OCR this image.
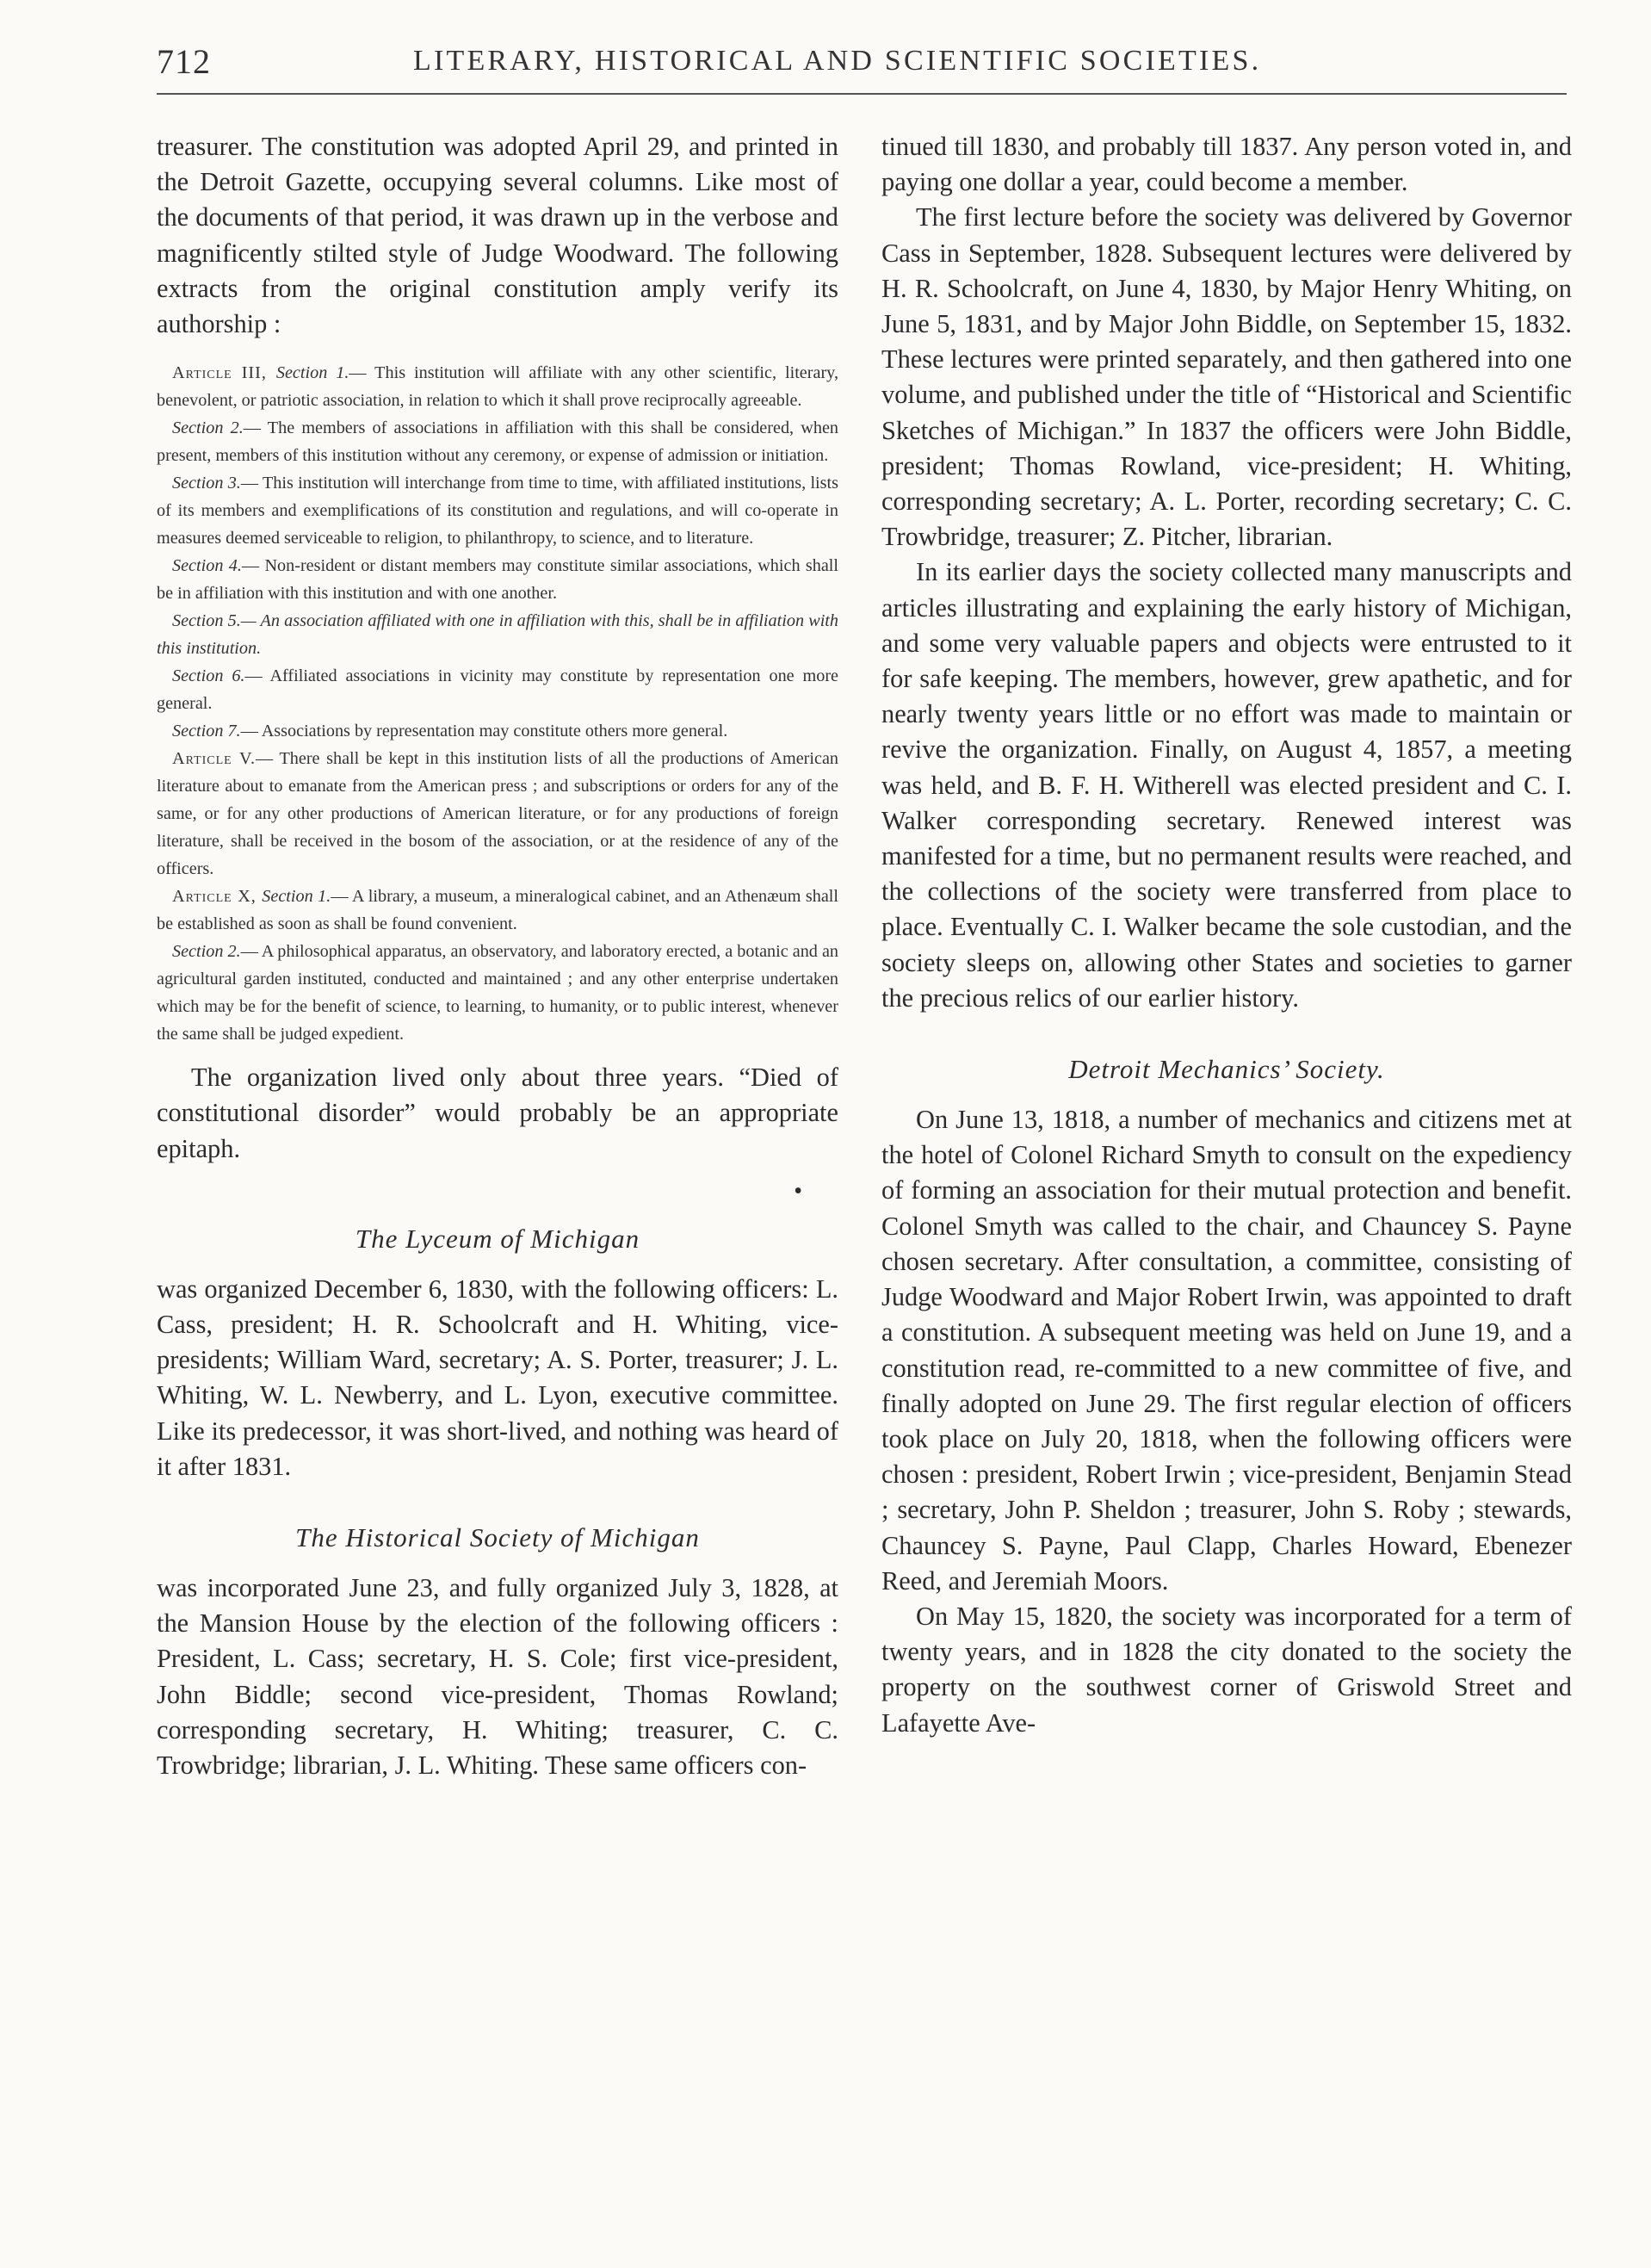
712	LITERARY, HISTORICAL AND SCIENTIFIC SOCIETIES.

treasurer. The constitution was adopted April 29, and printed in the Detroit Gazette, occupying several columns. Like most of the documents of that period, it was drawn up in the verbose and magnificently stilted style of Judge Woodward. The following extracts from the original constitution amply verify its authorship :

Article III, Section 1.— This institution will affiliate with any other scientific, literary, benevolent, or patriotic association, in relation to which it shall prove reciprocally agreeable.

Section 2.— The members of associations in affiliation with this shall be considered, when present, members of this institution without any ceremony, or expense of admission or initiation.

Section 3.— This institution will interchange from time to time, with affiliated institutions, lists of its members and exemplifications of its constitution and regulations, and will co-operate in measures deemed serviceable to religion, to philanthropy, to science, and to literature.

Section 4.— Non-resident or distant members may constitute similar associations, which shall be in affiliation with this institution and with one another.

Section 5.— An association affiliated with one in affiliation with this, shall be in affiliation with this institution.

Section 6.— Affiliated associations in vicinity may constitute by representation one more general.

Section 7.— Associations by representation may constitute others more general.

Article V.— There shall be kept in this institution lists of all the productions of American literature about to emanate from the American press ; and subscriptions or orders for any of the same, or for any other productions of American literature, or for any productions of foreign literature, shall be received in the bosom of the association, or at the residence of any of the officers.

Article X, Section 1.— A library, a museum, a mineralogical cabinet, and an Athenæum shall be established as soon as shall be found convenient.

Section 2.— A philosophical apparatus, an observatory, and laboratory erected, a botanic and an agricultural garden instituted, conducted and maintained ; and any other enterprise undertaken which may be for the benefit of science, to learning, to humanity, or to public interest, whenever the same shall be judged expedient.

The organization lived only about three years. “Died of constitutional disorder” would probably be an appropriate epitaph.

•
The Lyceum of Michigan

was organized December 6, 1830, with the following officers: L. Cass, president; H. R. Schoolcraft and H. Whiting, vice-presidents; William Ward, secretary; A. S. Porter, treasurer; J. L. Whiting, W. L. Newberry, and L. Lyon, executive committee. Like its predecessor, it was short-lived, and nothing was heard of it after 1831.

The Historical Society of Michigan

was incorporated June 23, and fully organized July 3, 1828, at the Mansion House by the election of the following officers : President, L. Cass; secretary, H. S. Cole; first vice-president, John Biddle; second vice-president, Thomas Rowland; corresponding secretary, H. Whiting; treasurer, C. C. Trowbridge; librarian, J. L. Whiting. These same officers con-

tinued till 1830, and probably till 1837. Any person voted in, and paying one dollar a year, could become a member.

The first lecture before the society was delivered by Governor Cass in September, 1828. Subsequent lectures were delivered by H. R. Schoolcraft, on June 4, 1830, by Major Henry Whiting, on June 5, 1831, and by Major John Biddle, on September 15, 1832. These lectures were printed separately, and then gathered into one volume, and published under the title of “Historical and Scientific Sketches of Michigan.” In 1837 the officers were John Biddle, president; Thomas Rowland, vice-president; H. Whiting, corresponding secretary; A. L. Porter, recording secretary; C. C. Trowbridge, treasurer; Z. Pitcher, librarian.

In its earlier days the society collected many manuscripts and articles illustrating and explaining the early history of Michigan, and some very valuable papers and objects were entrusted to it for safe keeping. The members, however, grew apathetic, and for nearly twenty years little or no effort was made to maintain or revive the organization. Finally, on August 4, 1857, a meeting was held, and B. F. H. Witherell was elected president and C. I. Walker corresponding secretary. Renewed interest was manifested for a time, but no permanent results were reached, and the collections of the society were transferred from place to place. Eventually C. I. Walker became the sole custodian, and the society sleeps on, allowing other States and societies to garner the precious relics of our earlier history.

Detroit Mechanics’ Society.

On June 13, 1818, a number of mechanics and citizens met at the hotel of Colonel Richard Smyth to consult on the expediency of forming an association for their mutual protection and benefit. Colonel Smyth was called to the chair, and Chauncey S. Payne chosen secretary. After consultation, a committee, consisting of Judge Woodward and Major Robert Irwin, was appointed to draft a constitution. A subsequent meeting was held on June 19, and a constitution read, re-committed to a new committee of five, and finally adopted on June 29. The first regular election of officers took place on July 20, 1818, when the following officers were chosen : president, Robert Irwin ; vice-president, Benjamin Stead ; secretary, John P. Sheldon ; treasurer, John S. Roby ; stewards, Chauncey S. Payne, Paul Clapp, Charles Howard, Ebenezer Reed, and Jeremiah Moors.

On May 15, 1820, the society was incorporated for a term of twenty years, and in 1828 the city donated to the society the property on the southwest corner of Griswold Street and Lafayette Ave-
